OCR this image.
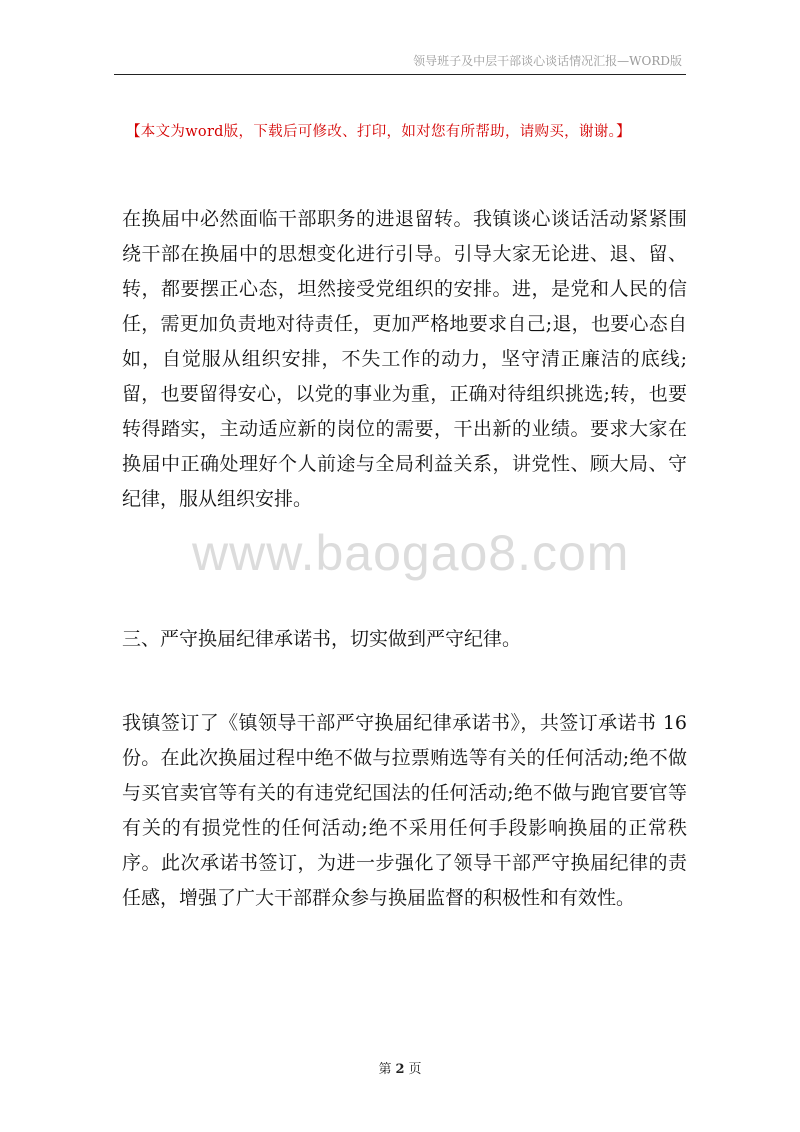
领导班子及中层干部谈心谈话情况汇报—WORD版
【本文为word版，下载后可修改、打印，如对您有所帮助，请购买，谢谢。】
www.baogao8.com
在换届中必然面临干部职务的进退留转。我镇谈心谈话活动紧紧围绕干部在换届中的思想变化进行引导。引导大家无论进、退、留、转，都要摆正心态，坦然接受党组织的安排。进，是党和人民的信任，需更加负责地对待责任，更加严格地要求自己;退，也要心态自如，自觉服从组织安排，不失工作的动力，坚守清正廉洁的底线;留，也要留得安心，以党的事业为重，正确对待组织挑选;转，也要转得踏实，主动适应新的岗位的需要，干出新的业绩。要求大家在换届中正确处理好个人前途与全局利益关系，讲党性、顾大局、守纪律，服从组织安排。
三、严守换届纪律承诺书，切实做到严守纪律。
我镇签订了《镇领导干部严守换届纪律承诺书》，共签订承诺书 16 份。在此次换届过程中绝不做与拉票贿选等有关的任何活动;绝不做与买官卖官等有关的有违党纪国法的任何活动;绝不做与跑官要官等有关的有损党性的任何活动;绝不采用任何手段影响换届的正常秩序。此次承诺书签订，为进一步强化了领导干部严守换届纪律的责任感，增强了广大干部群众参与换届监督的积极性和有效性。
第 2 页
